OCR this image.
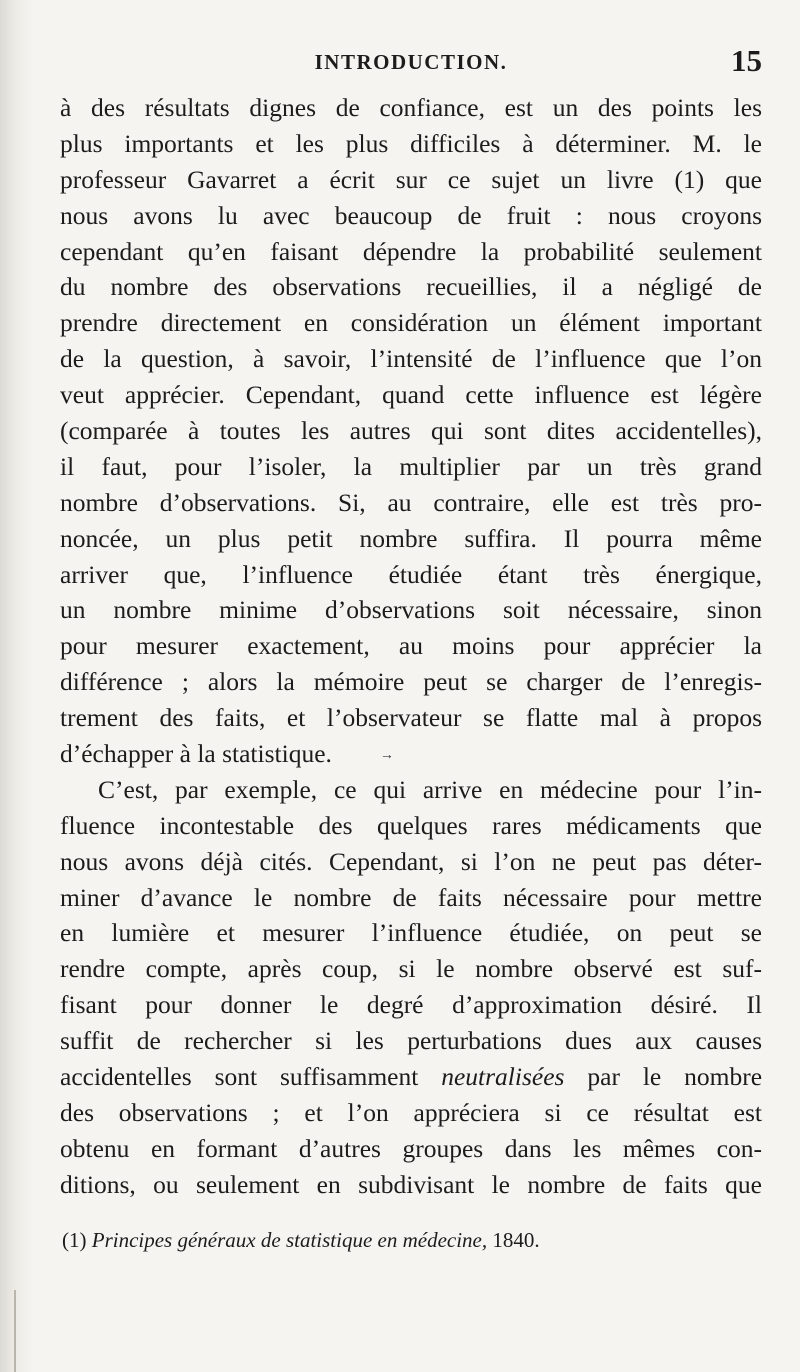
INTRODUCTION.	15
à des résultats dignes de confiance, est un des points les
plus importants et les plus difficiles à déterminer. M. le
professeur Gavarret a écrit sur ce sujet un livre (1) que
nous avons lu avec beaucoup de fruit : nous croyons
cependant qu’en faisant dépendre la probabilité seulement
du nombre des observations recueillies, il a négligé de
prendre directement en considération un élément important
de la question, à savoir, l’intensité de l’influence que l’on
veut apprécier. Cependant, quand cette influence est légère
(comparée à toutes les autres qui sont dites accidentelles),
il faut, pour l’isoler, la multiplier par un très grand
nombre d’observations. Si, au contraire, elle est très pro-
noncée, un plus petit nombre suffira. Il pourra même
arriver que, l’influence étudiée étant très énergique,
un nombre minime d’observations soit nécessaire, sinon
pour mesurer exactement, au moins pour apprécier la
différence ; alors la mémoire peut se charger de l’enregis-
trement des faits, et l’observateur se flatte mal à propos
d’échapper à la statistique.	→
C’est, par exemple, ce qui arrive en médecine pour l’in-
fluence incontestable des quelques rares médicaments que
nous avons déjà cités. Cependant, si l’on ne peut pas déter-
miner d’avance le nombre de faits nécessaire pour mettre
en lumière et mesurer l’influence étudiée, on peut se
rendre compte, après coup, si le nombre observé est suf-
fisant pour donner le degré d’approximation désiré. Il
suffit de rechercher si les perturbations dues aux causes
accidentelles sont suffisamment neutralisées par le nombre
des observations ; et l’on appréciera si ce résultat est
obtenu en formant d’autres groupes dans les mêmes con-
ditions, ou seulement en subdivisant le nombre de faits que
(1) Principes généraux de statistique en médecine, 1840.
